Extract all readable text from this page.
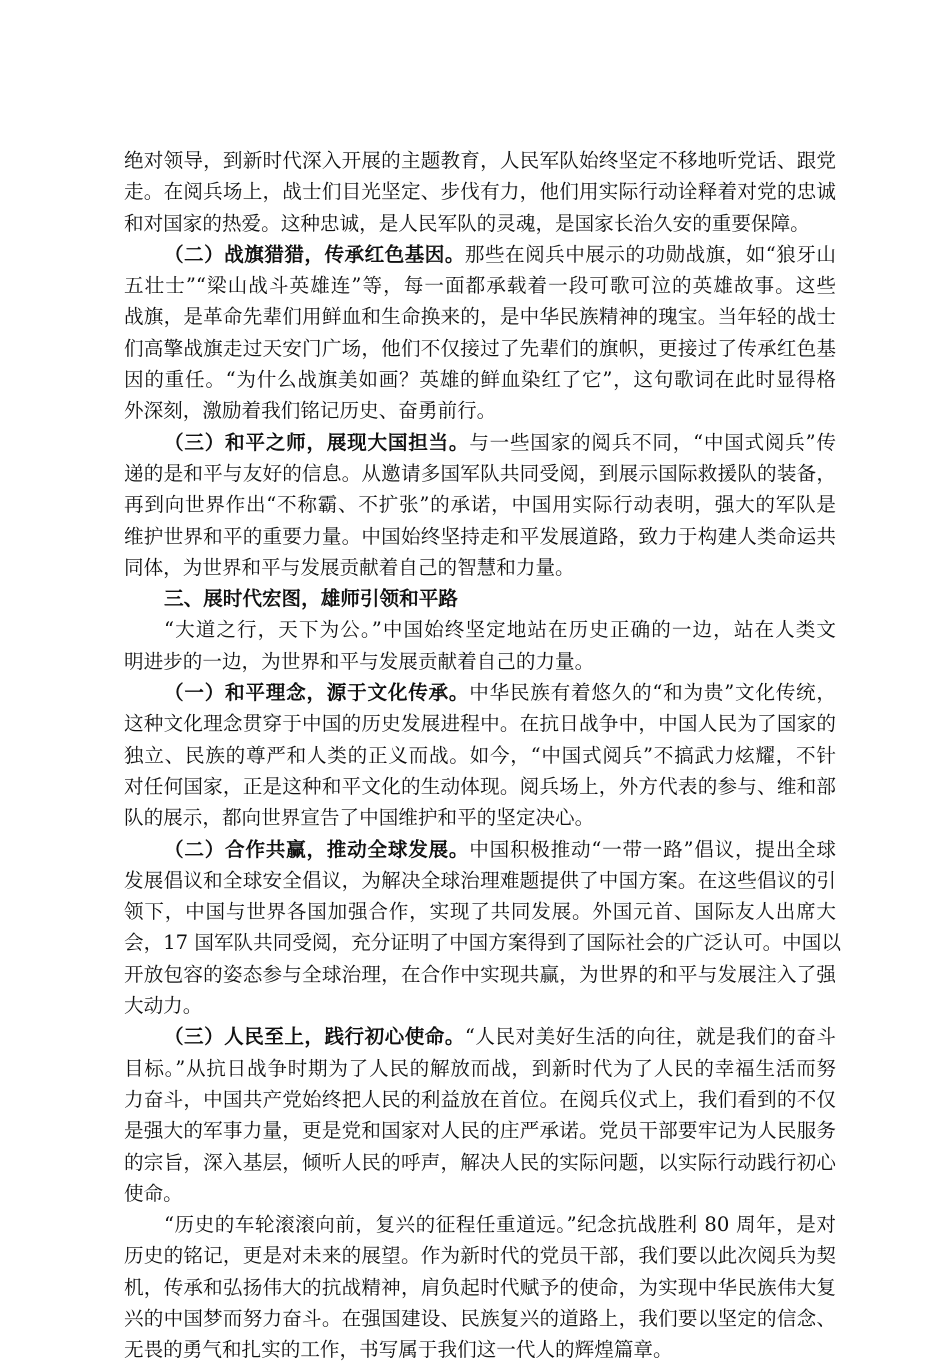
绝对领导，到新时代深入开展的主题教育，人民军队始终坚定不移地听党话、跟党
走。在阅兵场上，战士们目光坚定、步伐有力，他们用实际行动诠释着对党的忠诚
和对国家的热爱。这种忠诚，是人民军队的灵魂，是国家长治久安的重要保障。
（二）战旗猎猎，传承红色基因。那些在阅兵中展示的功勋战旗，如“狼牙山
五壮士”“梁山战斗英雄连”等，每一面都承载着一段可歌可泣的英雄故事。这些
战旗，是革命先辈们用鲜血和生命换来的，是中华民族精神的瑰宝。当年轻的战士
们高擎战旗走过天安门广场，他们不仅接过了先辈们的旗帜，更接过了传承红色基
因的重任。“为什么战旗美如画？英雄的鲜血染红了它”，这句歌词在此时显得格
外深刻，激励着我们铭记历史、奋勇前行。
（三）和平之师，展现大国担当。与一些国家的阅兵不同，“中国式阅兵”传
递的是和平与友好的信息。从邀请多国军队共同受阅，到展示国际救援队的装备，
再到向世界作出“不称霸、不扩张”的承诺，中国用实际行动表明，强大的军队是
维护世界和平的重要力量。中国始终坚持走和平发展道路，致力于构建人类命运共
同体，为世界和平与发展贡献着自己的智慧和力量。
三、展时代宏图，雄师引领和平路
“大道之行，天下为公。”中国始终坚定地站在历史正确的一边，站在人类文
明进步的一边，为世界和平与发展贡献着自己的力量。
（一）和平理念，源于文化传承。中华民族有着悠久的“和为贵”文化传统，
这种文化理念贯穿于中国的历史发展进程中。在抗日战争中，中国人民为了国家的
独立、民族的尊严和人类的正义而战。如今，“中国式阅兵”不搞武力炫耀，不针
对任何国家，正是这种和平文化的生动体现。阅兵场上，外方代表的参与、维和部
队的展示，都向世界宣告了中国维护和平的坚定决心。
（二）合作共赢，推动全球发展。中国积极推动“一带一路”倡议，提出全球
发展倡议和全球安全倡议，为解决全球治理难题提供了中国方案。在这些倡议的引
领下，中国与世界各国加强合作，实现了共同发展。外国元首、国际友人出席大
会，17 国军队共同受阅，充分证明了中国方案得到了国际社会的广泛认可。中国以
开放包容的姿态参与全球治理，在合作中实现共赢，为世界的和平与发展注入了强
大动力。
（三）人民至上，践行初心使命。“人民对美好生活的向往，就是我们的奋斗
目标。”从抗日战争时期为了人民的解放而战，到新时代为了人民的幸福生活而努
力奋斗，中国共产党始终把人民的利益放在首位。在阅兵仪式上，我们看到的不仅
是强大的军事力量，更是党和国家对人民的庄严承诺。党员干部要牢记为人民服务
的宗旨，深入基层，倾听人民的呼声，解决人民的实际问题，以实际行动践行初心
使命。
“历史的车轮滚滚向前，复兴的征程任重道远。”纪念抗战胜利 80 周年，是对
历史的铭记，更是对未来的展望。作为新时代的党员干部，我们要以此次阅兵为契
机，传承和弘扬伟大的抗战精神，肩负起时代赋予的使命，为实现中华民族伟大复
兴的中国梦而努力奋斗。在强国建设、民族复兴的道路上，我们要以坚定的信念、
无畏的勇气和扎实的工作，书写属于我们这一代人的辉煌篇章。
